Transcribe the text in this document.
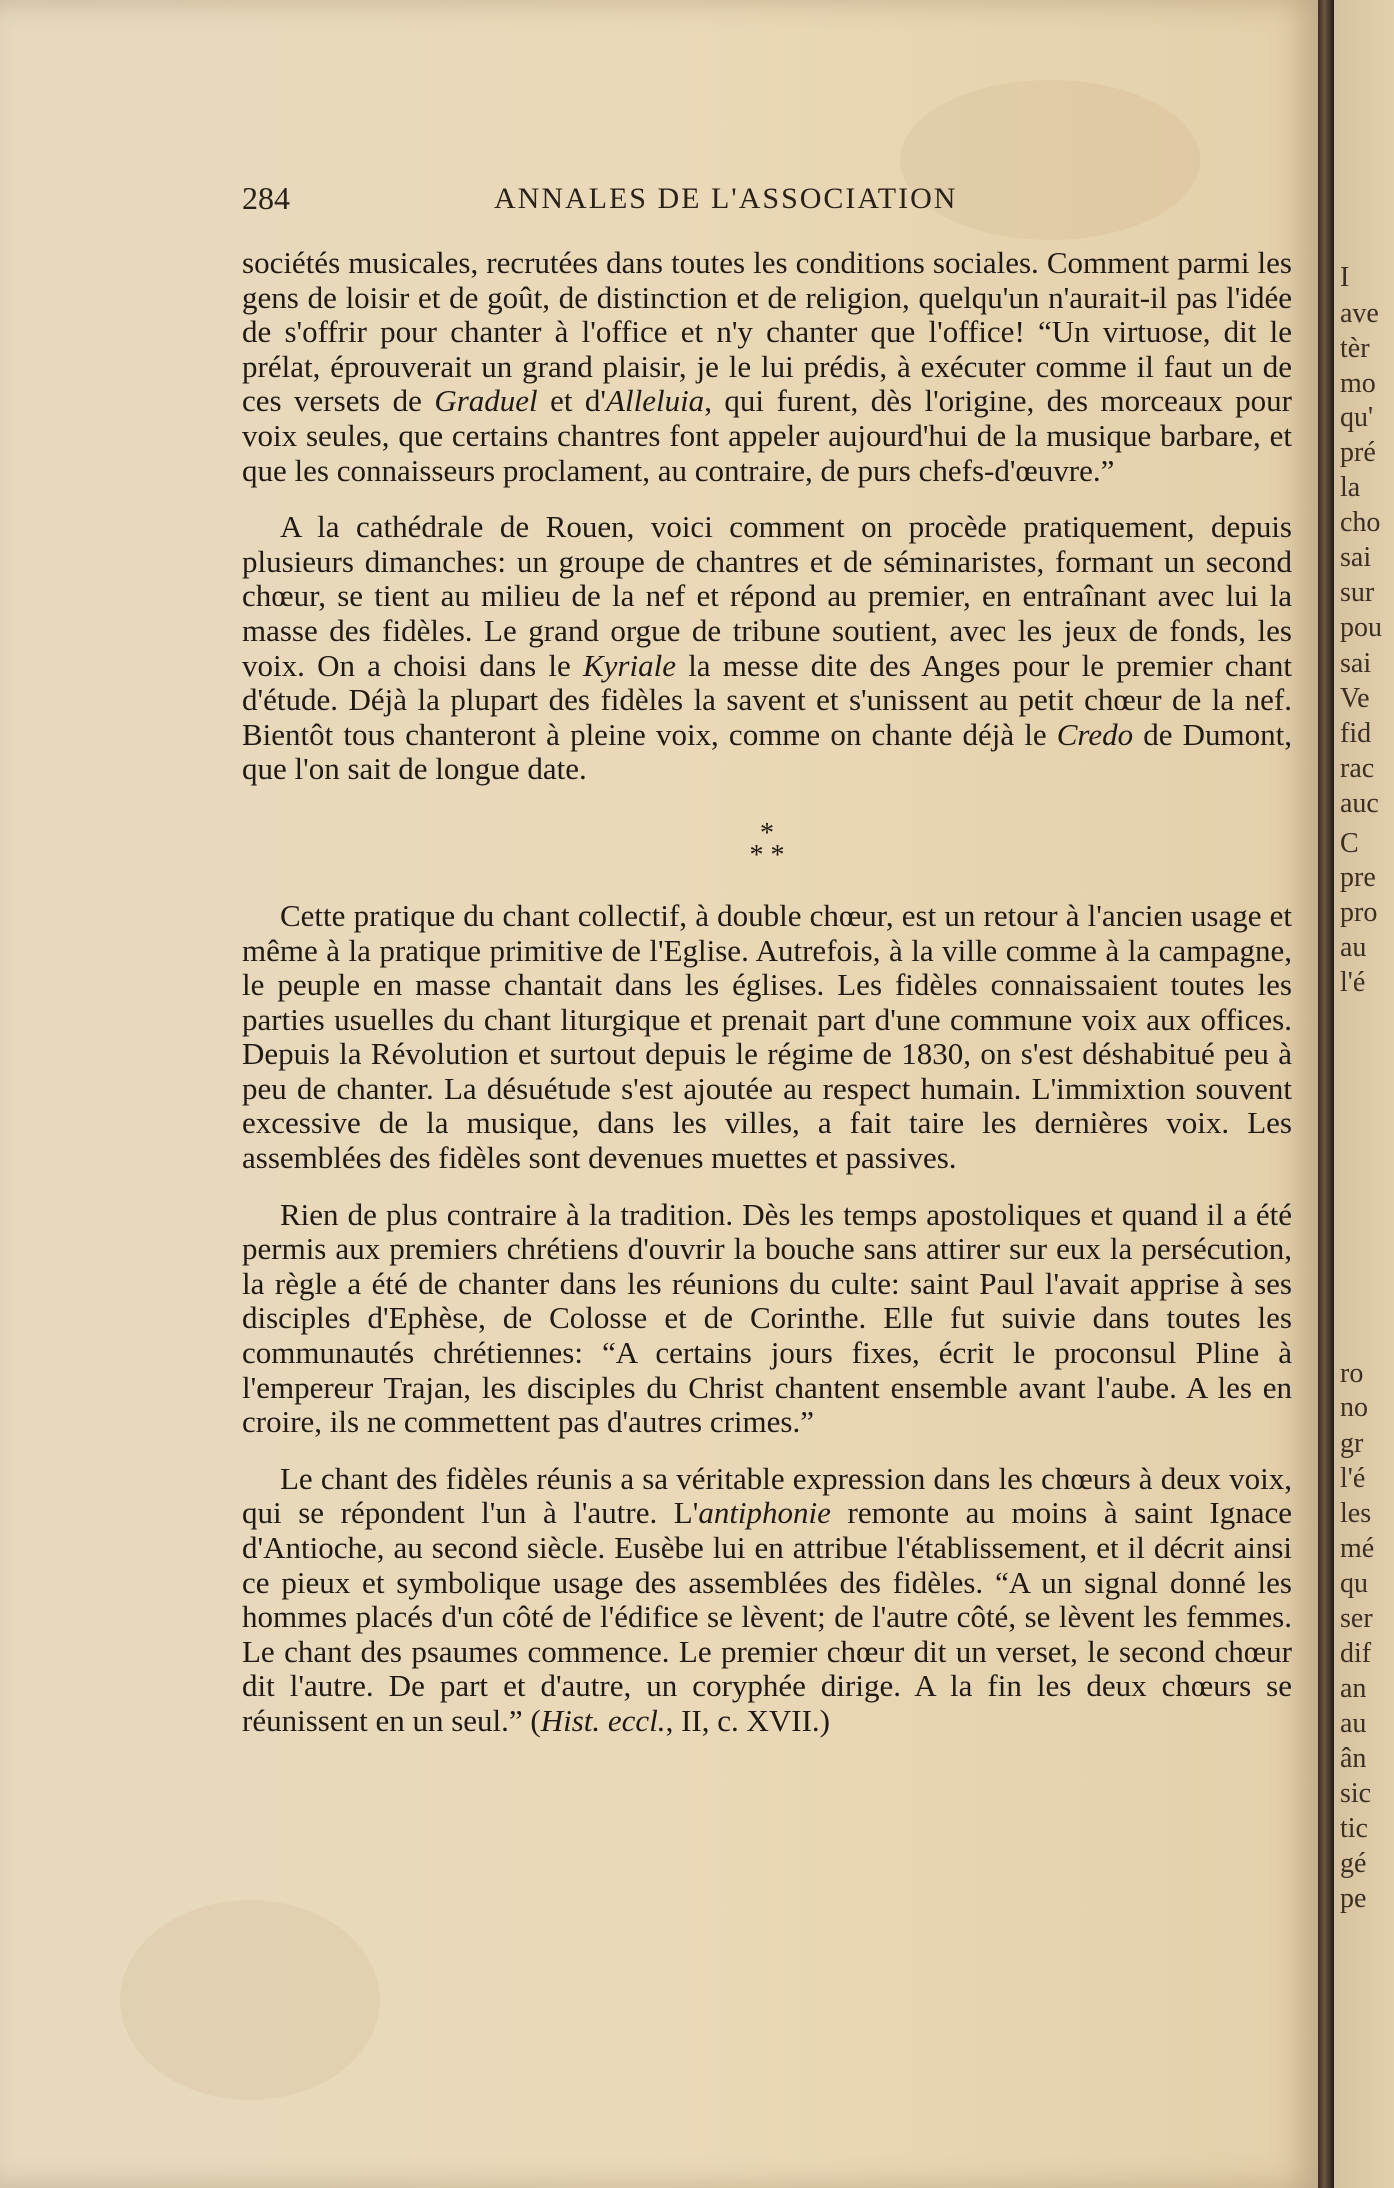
284	ANNALES DE L'ASSOCIATION

sociétés musicales, recrutées dans toutes les conditions sociales. Comment parmi les gens de loisir et de goût, de distinction et de religion, quelqu'un n'aurait-il pas l'idée de s'offrir pour chanter à l'office et n'y chanter que l'office! “Un virtuose, dit le prélat, éprouverait un grand plaisir, je le lui prédis, à exécuter comme il faut un de ces versets de Graduel et d'Alleluia, qui furent, dès l'origine, des morceaux pour voix seules, que certains chantres font appeler aujourd'hui de la musique barbare, et que les connaisseurs proclament, au contraire, de purs chefs-d'œuvre.”

A la cathédrale de Rouen, voici comment on procède pratiquement, depuis plusieurs dimanches: un groupe de chantres et de séminaristes, formant un second chœur, se tient au milieu de la nef et répond au premier, en entraînant avec lui la masse des fidèles. Le grand orgue de tribune soutient, avec les jeux de fonds, les voix. On a choisi dans le Kyriale la messe dite des Anges pour le premier chant d'étude. Déjà la plupart des fidèles la savent et s'unissent au petit chœur de la nef. Bientôt tous chanteront à pleine voix, comme on chante déjà le Credo de Dumont, que l'on sait de longue date.

*
* *

Cette pratique du chant collectif, à double chœur, est un retour à l'ancien usage et même à la pratique primitive de l'Eglise. Autrefois, à la ville comme à la campagne, le peuple en masse chantait dans les églises. Les fidèles connaissaient toutes les parties usuelles du chant liturgique et prenait part d'une commune voix aux offices. Depuis la Révolution et surtout depuis le régime de 1830, on s'est déshabitué peu à peu de chanter. La désuétude s'est ajoutée au respect humain. L'immixtion souvent excessive de la musique, dans les villes, a fait taire les dernières voix. Les assemblées des fidèles sont devenues muettes et passives.

Rien de plus contraire à la tradition. Dès les temps apostoliques et quand il a été permis aux premiers chrétiens d'ouvrir la bouche sans attirer sur eux la persécution, la règle a été de chanter dans les réunions du culte: saint Paul l'avait apprise à ses disciples d'Ephèse, de Colosse et de Corinthe. Elle fut suivie dans toutes les communautés chrétiennes: “A certains jours fixes, écrit le proconsul Pline à l'empereur Trajan, les disciples du Christ chantent ensemble avant l'aube. A les en croire, ils ne commettent pas d'autres crimes.”

Le chant des fidèles réunis a sa véritable expression dans les chœurs à deux voix, qui se répondent l'un à l'autre. L'antiphonie remonte au moins à saint Ignace d'Antioche, au second siècle. Eusèbe lui en attribue l'établissement, et il décrit ainsi ce pieux et symbolique usage des assemblées des fidèles. “A un signal donné les hommes placés d'un côté de l'édifice se lèvent; de l'autre côté, se lèvent les femmes. Le chant des psaumes commence. Le premier chœur dit un verset, le second chœur dit l'autre. De part et d'autre, un coryphée dirige. A la fin les deux chœurs se réunissent en un seul.” (Hist. eccl., II, c. XVII.)

I
ave
tèr
mo
qu'
pré
la
cho
sai
sur
pou
sai
Ve
fid
rac
auc
C
pre
pro
au
l'é
ro
no
gr
l'é
les
mé
qu
ser
dif
an
au
ân
sic
tic
gé
pe
